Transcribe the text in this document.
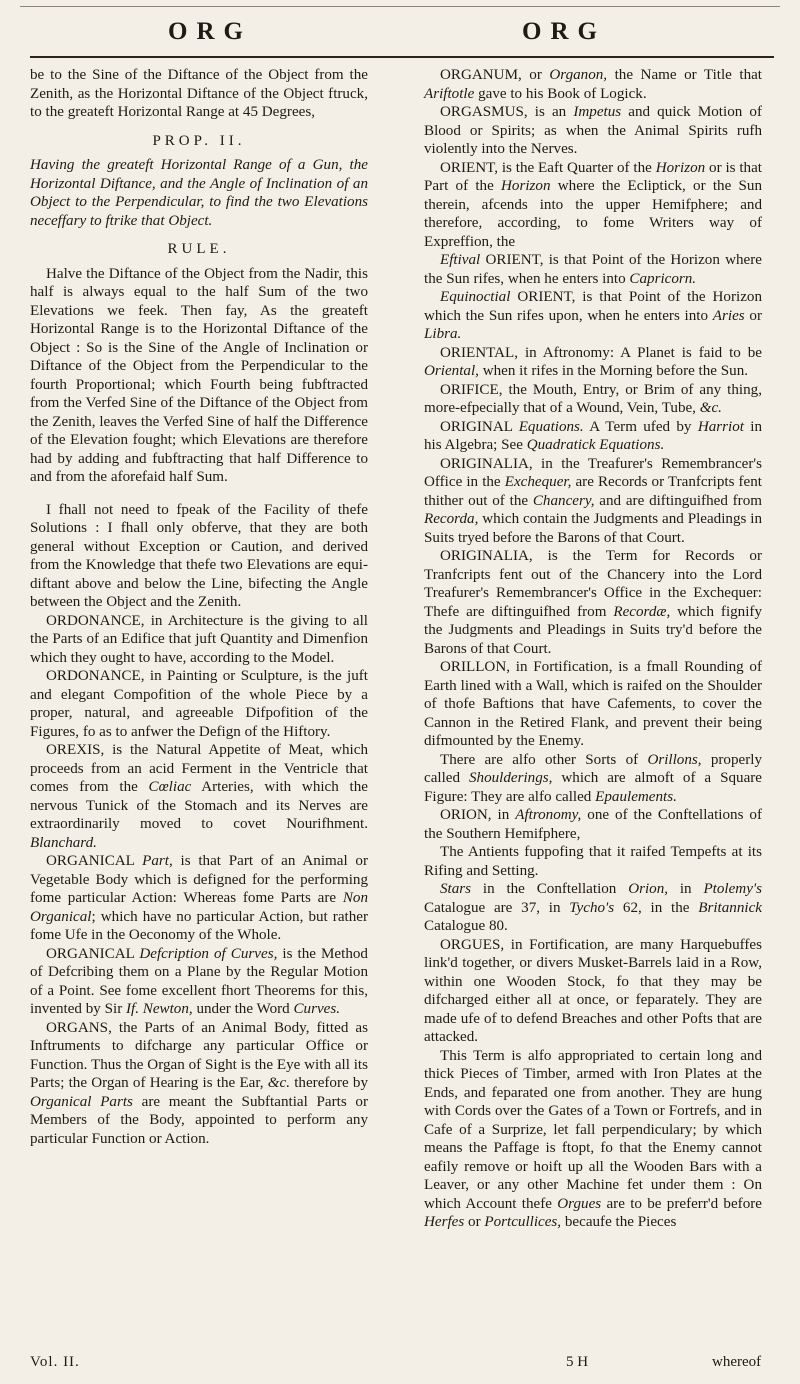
ORG	ORG

be to the Sine of the Diftance of the Object from the Zenith, as the Horizontal Diftance of the Object ftruck, to the greateft Horizontal Range at 45 Degrees,

PROP. II.

Having the greateft Horizontal Range of a Gun, the Horizontal Diftance, and the Angle of Inclination of an Object to the Perpendicular, to find the two Elevations neceffary to ftrike that Object.

RULE.

Halve the Diftance of the Object from the Nadir, this half is always equal to the half Sum of the two Elevations we feek. Then fay, As the greateft Horizontal Range is to the Horizontal Diftance of the Object : So is the Sine of the Angle of Inclination or Diftance of the Object from the Perpendicular to the fourth Proportional; which Fourth being fubftracted from the Verfed Sine of the Diftance of the Object from the Zenith, leaves the Verfed Sine of half the Difference of the Elevation fought; which Elevations are therefore had by adding and fubftracting that half Difference to and from the aforefaid half Sum.

I fhall not need to fpeak of the Facility of thefe Solutions : I fhall only obferve, that they are both general without Exception or Caution, and derived from the Knowledge that thefe two Elevations are equi-diftant above and below the Line, bifecting the Angle between the Object and the Zenith.

ORDONANCE, in Architecture is the giving to all the Parts of an Edifice that juft Quantity and Dimenfion which they ought to have, according to the Model.

ORDONANCE, in Painting or Sculpture, is the juft and elegant Compofition of the whole Piece by a proper, natural, and agreeable Difpofition of the Figures, fo as to anfwer the Defign of the Hiftory.

OREXIS, is the Natural Appetite of Meat, which proceeds from an acid Ferment in the Ventricle that comes from the Cœliac Arteries, with which the nervous Tunick of the Stomach and its Nerves are extraordinarily moved to covet Nourifhment. Blanchard.

ORGANICAL Part, is that Part of an Animal or Vegetable Body which is defigned for the performing fome particular Action: Whereas fome Parts are Non Organical; which have no particular Action, but rather fome Ufe in the Oeconomy of the Whole.

ORGANICAL Defcription of Curves, is the Method of Defcribing them on a Plane by the Regular Motion of a Point. See fome excellent fhort Theorems for this, invented by Sir If. Newton, under the Word Curves.

ORGANS, the Parts of an Animal Body, fitted as Inftruments to difcharge any particular Office or Function. Thus the Organ of Sight is the Eye with all its Parts; the Organ of Hearing is the Ear, &c. therefore by Organical Parts are meant the Subftantial Parts or Members of the Body, appointed to perform any particular Function or Action.

ORGANUM, or Organon, the Name or Title that Ariftotle gave to his Book of Logick.

ORGASMUS, is an Impetus and quick Motion of Blood or Spirits; as when the Animal Spirits rufh violently into the Nerves.

ORIENT, is the Eaft Quarter of the Horizon or is that Part of the Horizon where the Ecliptick, or the Sun therein, afcends into the upper Hemifphere; and therefore, according, to fome Writers way of Expreffion, the

Eftival ORIENT, is that Point of the Horizon where the Sun rifes, when he enters into Capricorn.

Equinoctial ORIENT, is that Point of the Horizon which the Sun rifes upon, when he enters into Aries or Libra.

ORIENTAL, in Aftronomy: A Planet is faid to be Oriental, when it rifes in the Morning before the Sun.

ORIFICE, the Mouth, Entry, or Brim of any thing, more-efpecially that of a Wound, Vein, Tube, &c.

ORIGINAL Equations. A Term ufed by Harriot in his Algebra; See Quadratick Equations.

ORIGINALIA, in the Treafurer's Remembrancer's Office in the Exchequer, are Records or Tranfcripts fent thither out of the Chancery, and are diftinguifhed from Recorda, which contain the Judgments and Pleadings in Suits tryed before the Barons of that Court.

ORIGINALIA, is the Term for Records or Tranfcripts fent out of the Chancery into the Lord Treafurer's Remembrancer's Office in the Exchequer: Thefe are diftinguifhed from Recordæ, which fignify the Judgments and Pleadings in Suits try'd before the Barons of that Court.

ORILLON, in Fortification, is a fmall Rounding of Earth lined with a Wall, which is raifed on the Shoulder of thofe Baftions that have Cafements, to cover the Cannon in the Retired Flank, and prevent their being difmounted by the Enemy.

There are alfo other Sorts of Orillons, properly called Shoulderings, which are almoft of a Square Figure: They are alfo called Epaulements.

ORION, in Aftronomy, one of the Conftellations of the Southern Hemifphere,

The Antients fuppofing that it raifed Tempefts at its Rifing and Setting.

Stars in the Conftellation Orion, in Ptolemy's Catalogue are 37, in Tycho's 62, in the Britannick Catalogue 80.

ORGUES, in Fortification, are many Harquebuffes link'd together, or divers Musket-Barrels laid in a Row, within one Wooden Stock, fo that they may be difcharged either all at once, or feparately. They are made ufe of to defend Breaches and other Pofts that are attacked.

This Term is alfo appropriated to certain long and thick Pieces of Timber, armed with Iron Plates at the Ends, and feparated one from another. They are hung with Cords over the Gates of a Town or Fortrefs, and in Cafe of a Surprize, let fall perpendiculary; by which means the Paffage is ftopt, fo that the Enemy cannot eafily remove or hoift up all the Wooden Bars with a Leaver, or any other Machine fet under them : On which Account thefe Orgues are to be preferr'd before Herfes or Portcullices, becaufe the Pieces

Vol. II.	5 H	whereof
